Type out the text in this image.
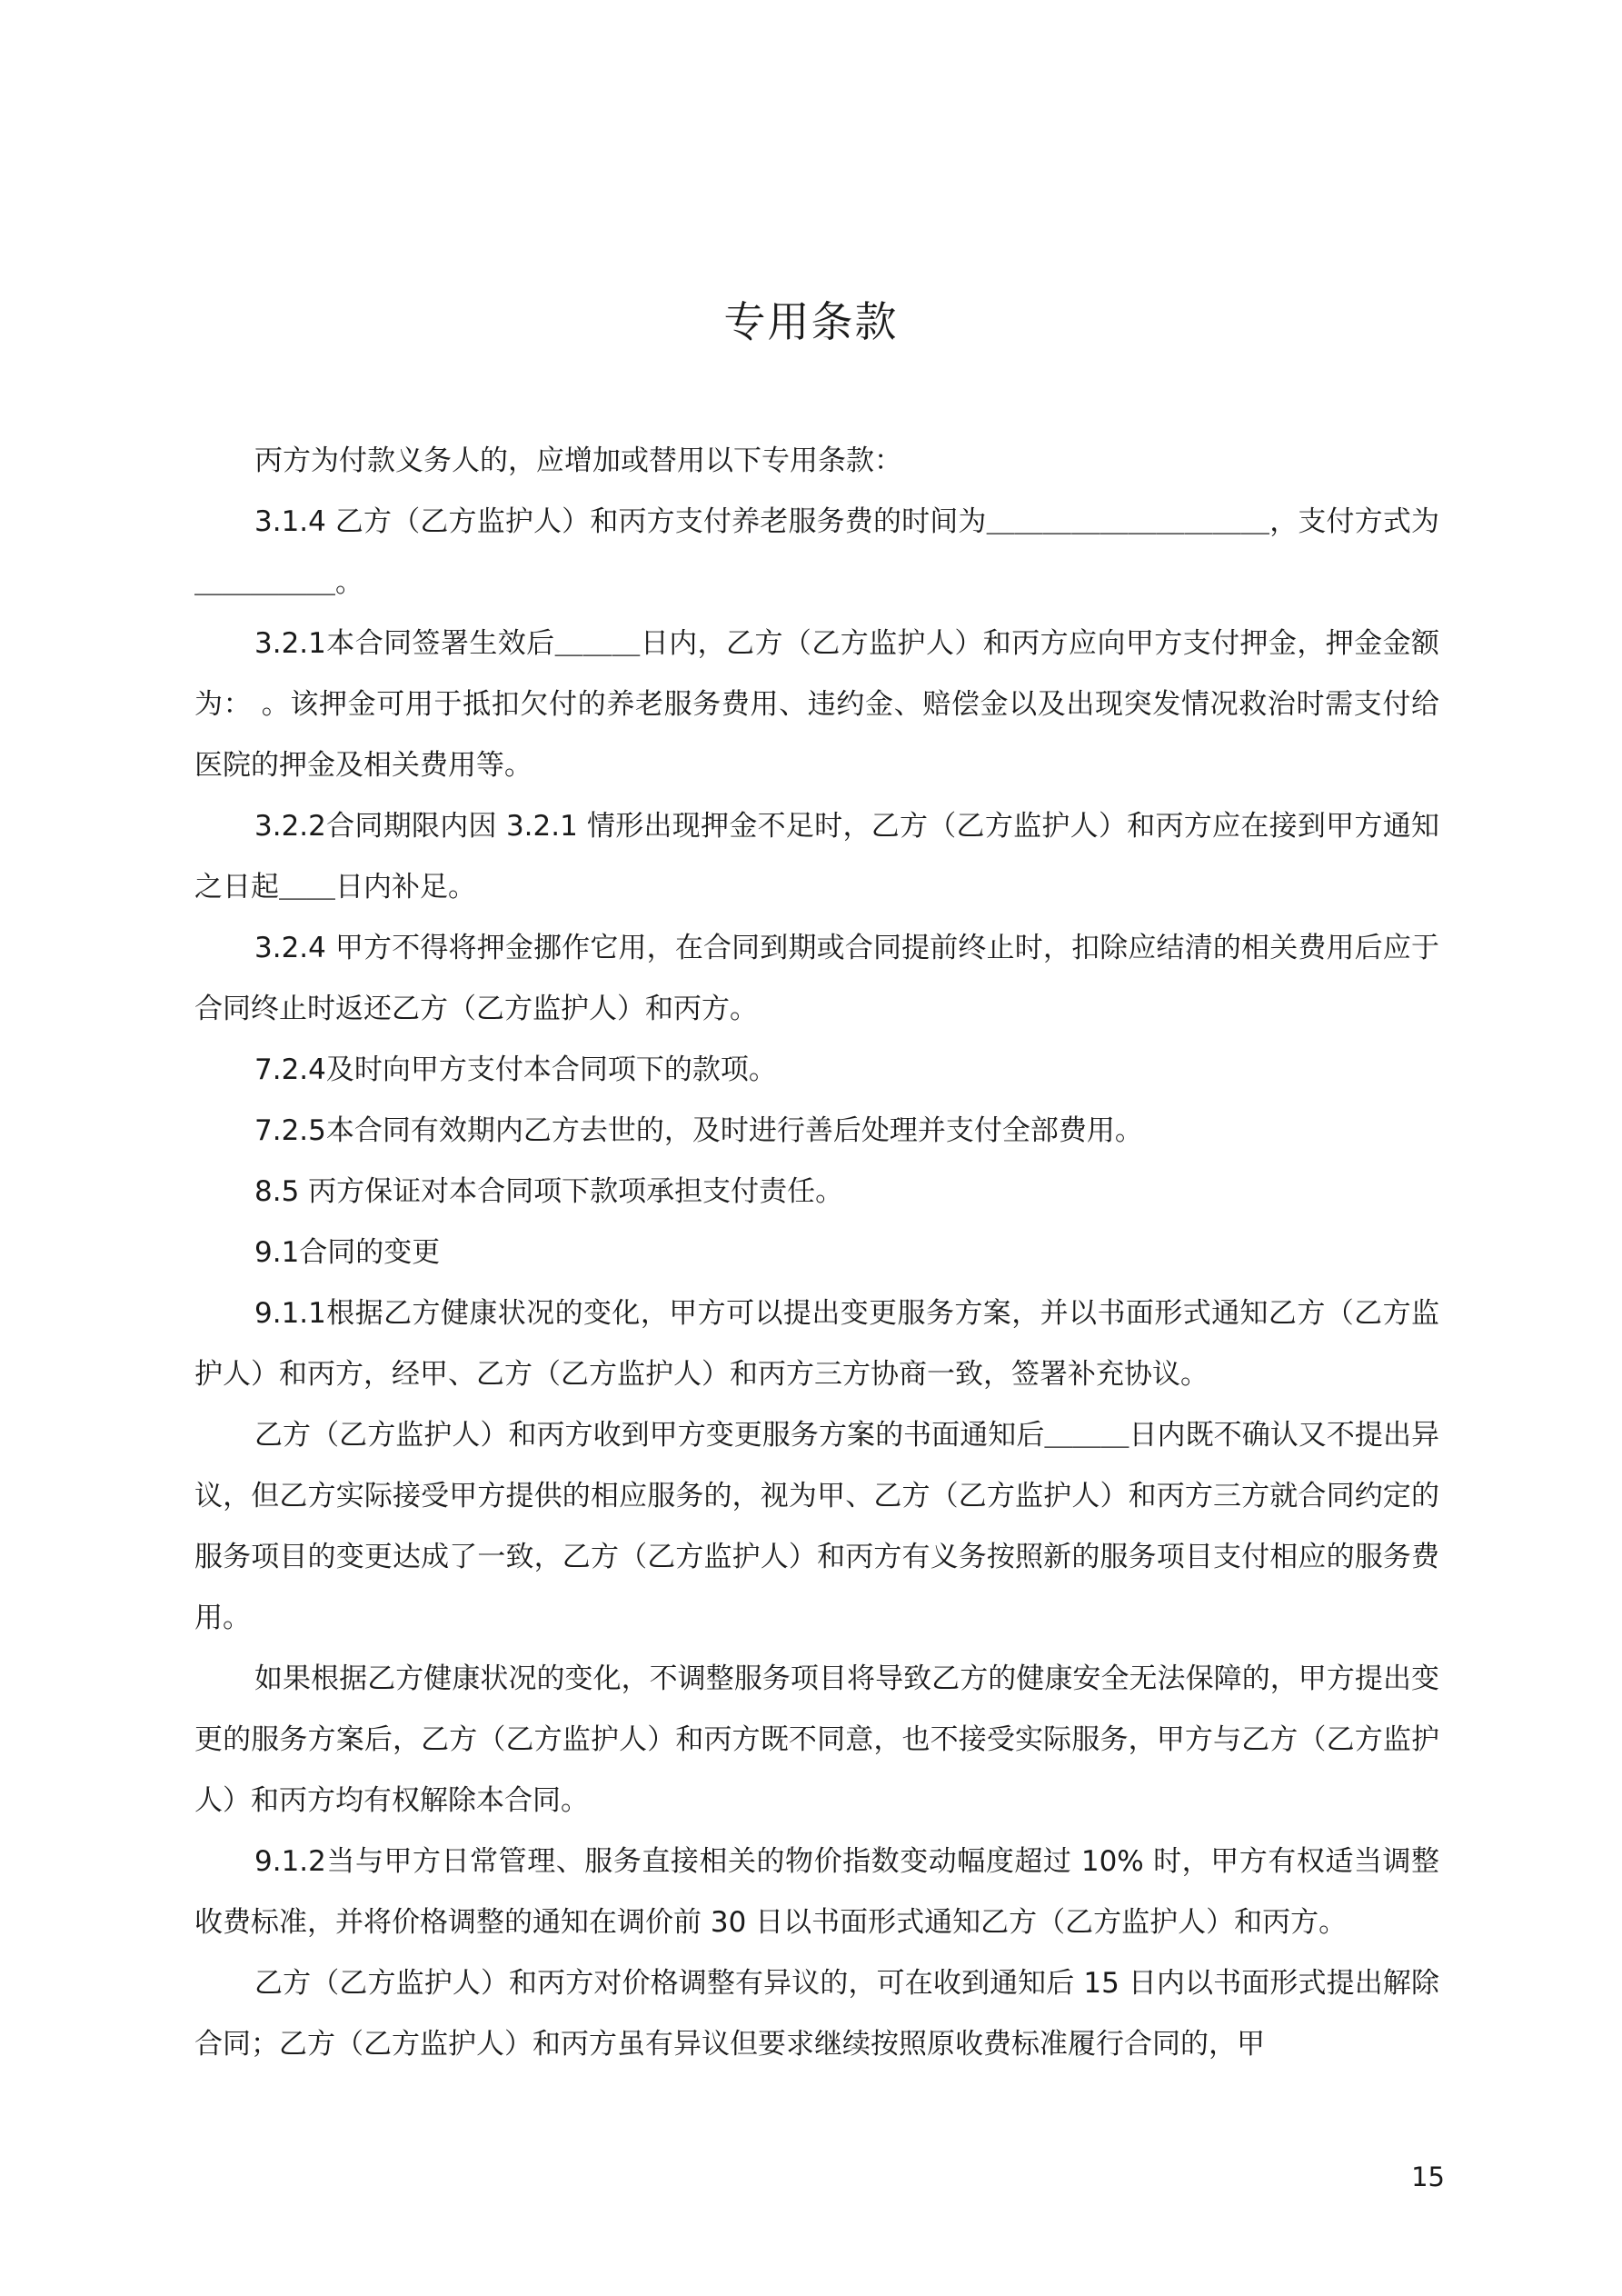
专用条款

丙方为付款义务人的，应增加或替用以下专用条款：

3.1.4 乙方（乙方监护人）和丙方支付养老服务费的时间为＿＿＿＿＿＿＿＿＿＿，支付方式为＿＿＿＿＿。

3.2.1本合同签署生效后＿＿＿日内，乙方（乙方监护人）和丙方应向甲方支付押金，押金金额为： 。该押金可用于抵扣欠付的养老服务费用、违约金、赔偿金以及出现突发情况救治时需支付给医院的押金及相关费用等。

3.2.2合同期限内因 3.2.1 情形出现押金不足时，乙方（乙方监护人）和丙方应在接到甲方通知之日起＿＿日内补足。

3.2.4 甲方不得将押金挪作它用，在合同到期或合同提前终止时，扣除应结清的相关费用后应于合同终止时返还乙方（乙方监护人）和丙方。

7.2.4及时向甲方支付本合同项下的款项。

7.2.5本合同有效期内乙方去世的，及时进行善后处理并支付全部费用。

8.5 丙方保证对本合同项下款项承担支付责任。

9.1合同的变更

9.1.1根据乙方健康状况的变化，甲方可以提出变更服务方案，并以书面形式通知乙方（乙方监护人）和丙方，经甲、乙方（乙方监护人）和丙方三方协商一致，签署补充协议。

乙方（乙方监护人）和丙方收到甲方变更服务方案的书面通知后＿＿＿日内既不确认又不提出异议，但乙方实际接受甲方提供的相应服务的，视为甲、乙方（乙方监护人）和丙方三方就合同约定的服务项目的变更达成了一致，乙方（乙方监护人）和丙方有义务按照新的服务项目支付相应的服务费用。

如果根据乙方健康状况的变化，不调整服务项目将导致乙方的健康安全无法保障的，甲方提出变更的服务方案后，乙方（乙方监护人）和丙方既不同意，也不接受实际服务，甲方与乙方（乙方监护人）和丙方均有权解除本合同。

9.1.2当与甲方日常管理、服务直接相关的物价指数变动幅度超过 10% 时，甲方有权适当调整收费标准，并将价格调整的通知在调价前 30 日以书面形式通知乙方（乙方监护人）和丙方。

乙方（乙方监护人）和丙方对价格调整有异议的，可在收到通知后 15 日内以书面形式提出解除合同；乙方（乙方监护人）和丙方虽有异议但要求继续按照原收费标准履行合同的，甲

15
